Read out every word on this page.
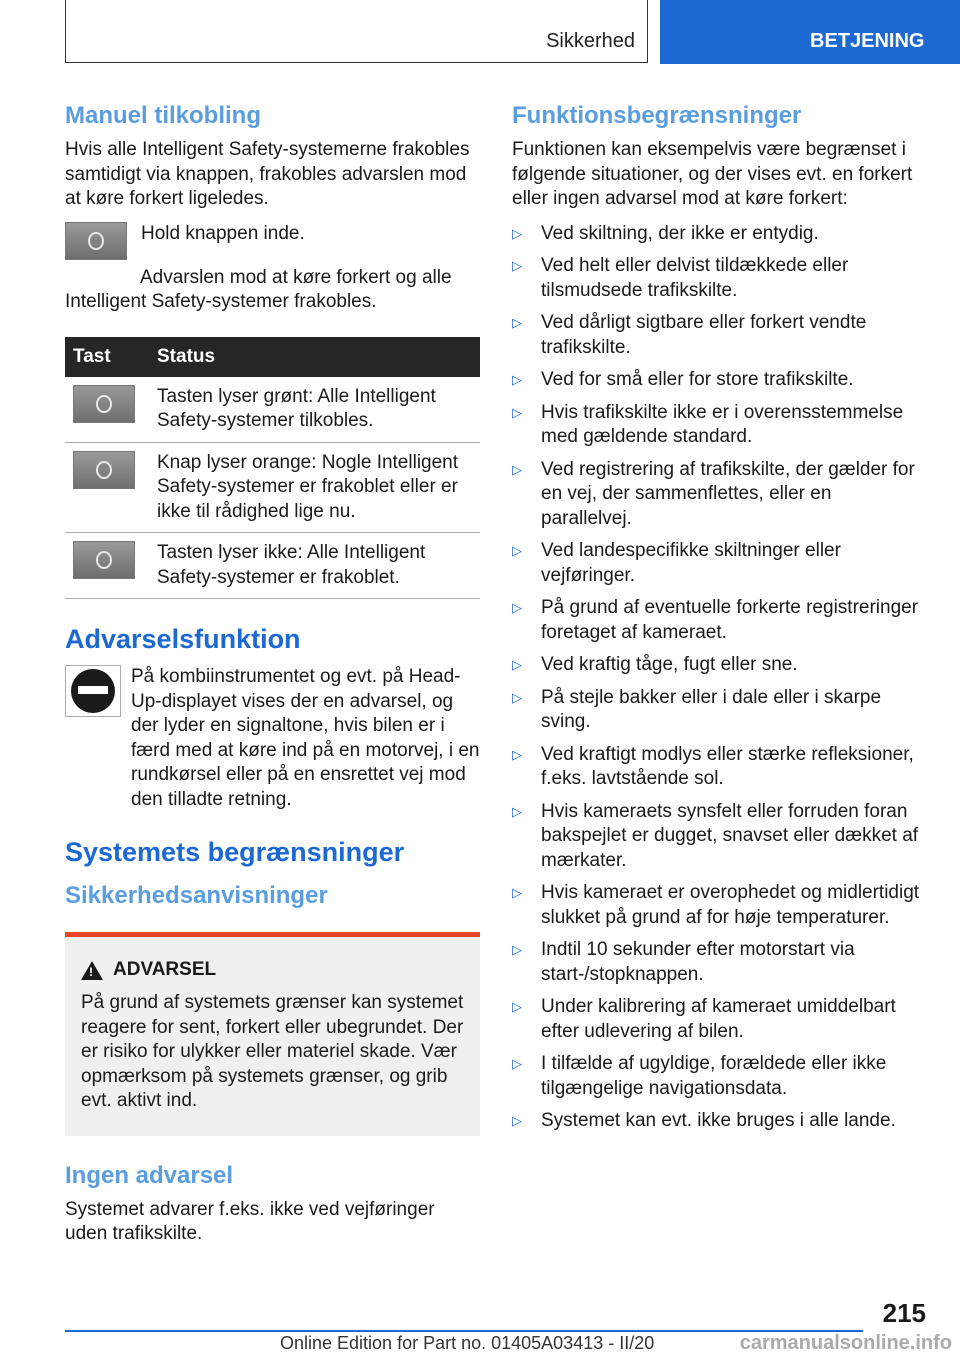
Sikkerhed	BETJENING
Manuel tilkobling

Hvis alle Intelligent Safety-systemerne frakobles samtidigt via knappen, frakobles advarslen mod at køre forkert ligeledes.

Hold knappen inde.

Advarslen mod at køre forkert og alle Intelligent Safety-systemer frakobles.

Tast	Status

	Tasten lyser grønt: Alle Intelligent Safety-systemer tilkobles.

	Knap lyser orange: Nogle Intelligent Safety-systemer er frakoblet eller er ikke til rådighed lige nu.

	Tasten lyser ikke: Alle Intelligent Safety-systemer er frakoblet.
Advarselsfunktion

På kombiinstrumentet og evt. på Head-Up-displayet vises der en advarsel, og der lyder en signaltone, hvis bilen er i færd med at køre ind på en motorvej, i en rundkørsel eller på en ensrettet vej mod den tilladte retning.

Systemets begrænsninger
Sikkerhedsanvisninger
!
ADVARSEL

På grund af systemets grænser kan systemet reagere for sent, forkert eller ubegrundet. Der er risiko for ulykker eller materiel skade. Vær opmærksom på systemets grænser, og grib evt. aktivt ind.

Ingen advarsel

Systemet advarer f.eks. ikke ved vejføringer uden trafikskilte.

Funktionsbegrænsninger

Funktionen kan eksempelvis være begrænset i følgende situationer, og der vises evt. en forkert eller ingen advarsel mod at køre forkert:

▷ Ved skiltning, der ikke er entydig.
▷ Ved helt eller delvist tildækkede eller tilsmudsede trafikskilte.
▷ Ved dårligt sigtbare eller forkert vendte trafikskilte.
▷ Ved for små eller for store trafikskilte.
▷ Hvis trafikskilte ikke er i overensstemmelse med gældende standard.
▷ Ved registrering af trafikskilte, der gælder for en vej, der sammenflettes, eller en parallelvej.
▷ Ved landespecifikke skiltninger eller vejføringer.
▷ På grund af eventuelle forkerte registreringer foretaget af kameraet.
▷ Ved kraftig tåge, fugt eller sne.
▷ På stejle bakker eller i dale eller i skarpe sving.
▷ Ved kraftigt modlys eller stærke refleksioner, f.eks. lavtstående sol.
▷ Hvis kameraets synsfelt eller forruden foran bakspejlet er dugget, snavset eller dækket af mærkater.
▷ Hvis kameraet er overophedet og midlertidigt slukket på grund af for høje temperaturer.
▷ Indtil 10 sekunder efter motorstart via start-/stopknappen.
▷ Under kalibrering af kameraet umiddelbart efter udlevering af bilen.
▷ I tilfælde af ugyldige, forældede eller ikke tilgængelige navigationsdata.
▷ Systemet kan evt. ikke bruges i alle lande.
215
Online Edition for Part no. 01405A03413 - II/20	carmanualsonline.info
